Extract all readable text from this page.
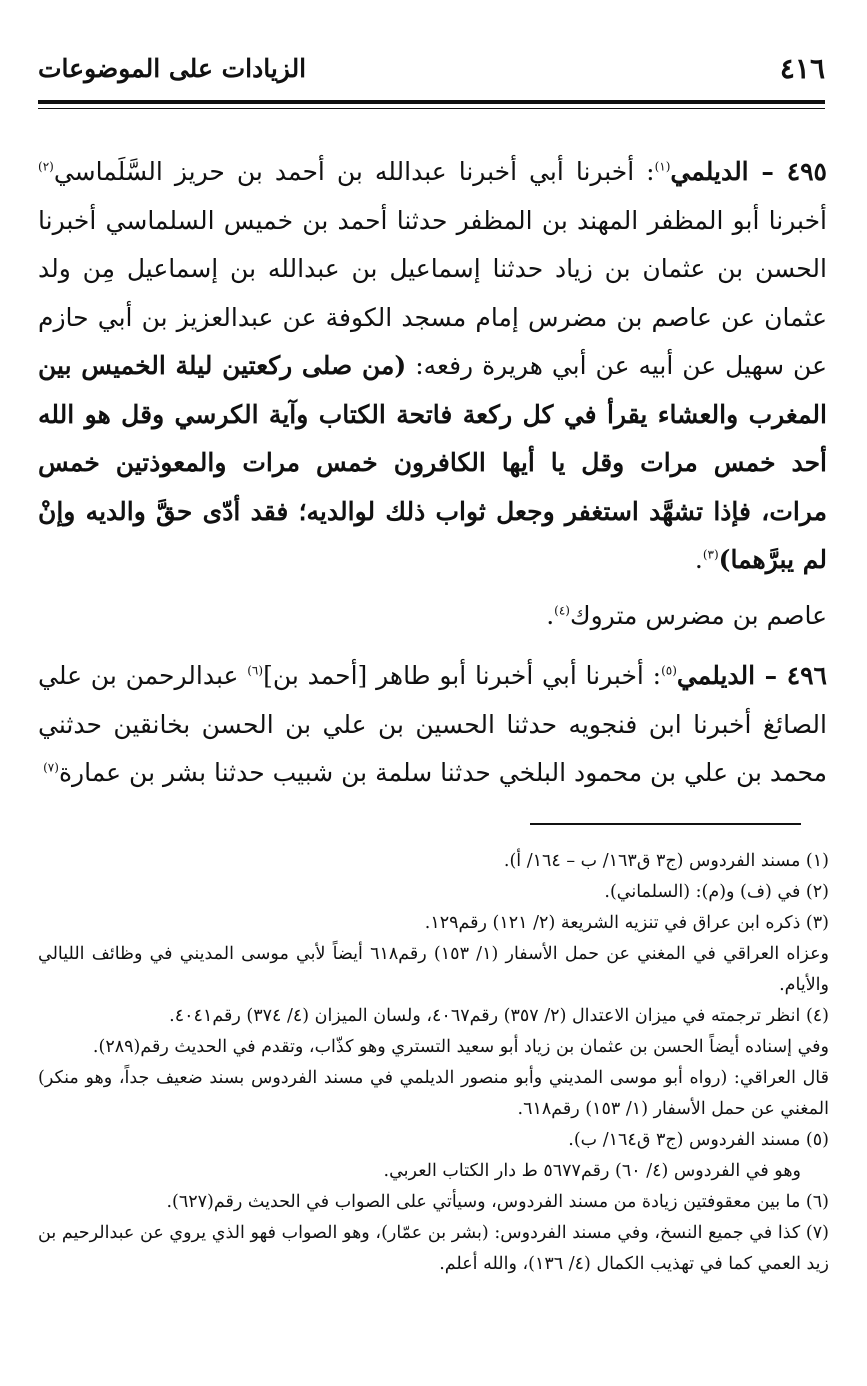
٤١٦
الزيادات على الموضوعات

٤٩٥ – الديلمي$^{(١)}$: أخبرنا أبي أخبرنا عبدالله بن أحمد بن حريز السَّلَماسي$^{(٢)}$ أخبرنا أبو المظفر المهند بن المظفر حدثنا أحمد بن خميس السلماسي أخبرنا الحسن بن عثمان بن زياد حدثنا إسماعيل بن عبدالله بن إسماعيل مِن ولد عثمان عن عاصم بن مضرس إمام مسجد الكوفة عن عبدالعزيز بن أبي حازم عن سهيل عن أبيه عن أبي هريرة رفعه: (من صلى ركعتين ليلة الخميس بين المغرب والعشاء يقرأ في كل ركعة فاتحة الكتاب وآية الكرسي وقل هو الله أحد خمس مرات وقل يا أيها الكافرون خمس مرات والمعوذتين خمس مرات، فإذا تشهَّد استغفر وجعل ثواب ذلك لوالديه؛ فقد أدّى حقَّ والديه وإنْ لم يبرَّهما)$^{(٣)}$.

عاصم بن مضرس متروك$^{(٤)}$.

٤٩٦ – الديلمي$^{(٥)}$: أخبرنا أبي أخبرنا أبو طاهر [أحمد بن]$^{(٦)}$ عبدالرحمن بن علي الصائغ أخبرنا ابن فنجويه حدثنا الحسين بن علي بن الحسن بخانقين حدثني محمد بن علي بن محمود البلخي حدثنا سلمة بن شبيب حدثنا بشر بن عمارة$^{(٧)}$

(١) مسند الفردوس (ج٣ ق١٦٣/ ب – ١٦٤/ أ).

(٢) في (ف) و(م): (السلماني).

(٣) ذكره ابن عراق في تنزيه الشريعة (٢/ ١٢١) رقم١٢٩.

وعزاه العراقي في المغني عن حمل الأسفار (١/ ١٥٣) رقم٦١٨ أيضاً لأبي موسى المديني في وظائف الليالي والأيام.

(٤) انظر ترجمته في ميزان الاعتدال (٢/ ٣٥٧) رقم٤٠٦٧، ولسان الميزان (٤/ ٣٧٤) رقم٤٠٤١.

وفي إسناده أيضاً الحسن بن عثمان بن زياد أبو سعيد التستري وهو كذّاب، وتقدم في الحديث رقم(٢٨٩).

قال العراقي: (رواه أبو موسى المديني وأبو منصور الديلمي في مسند الفردوس بسند ضعيف جداً، وهو منكر) المغني عن حمل الأسفار (١/ ١٥٣) رقم٦١٨.

(٥) مسند الفردوس (ج٣ ق١٦٤/ ب).

وهو في الفردوس (٤/ ٦٠) رقم٥٦٧٧ ط دار الكتاب العربي.

(٦) ما بين معقوفتين زيادة من مسند الفردوس، وسيأتي على الصواب في الحديث رقم(٦٢٧).

(٧) كذا في جميع النسخ، وفي مسند الفردوس: (بشر بن عمّار)، وهو الصواب فهو الذي يروي عن عبدالرحيم بن زيد العمي كما في تهذيب الكمال (٤/ ١٣٦)، والله أعلم.
